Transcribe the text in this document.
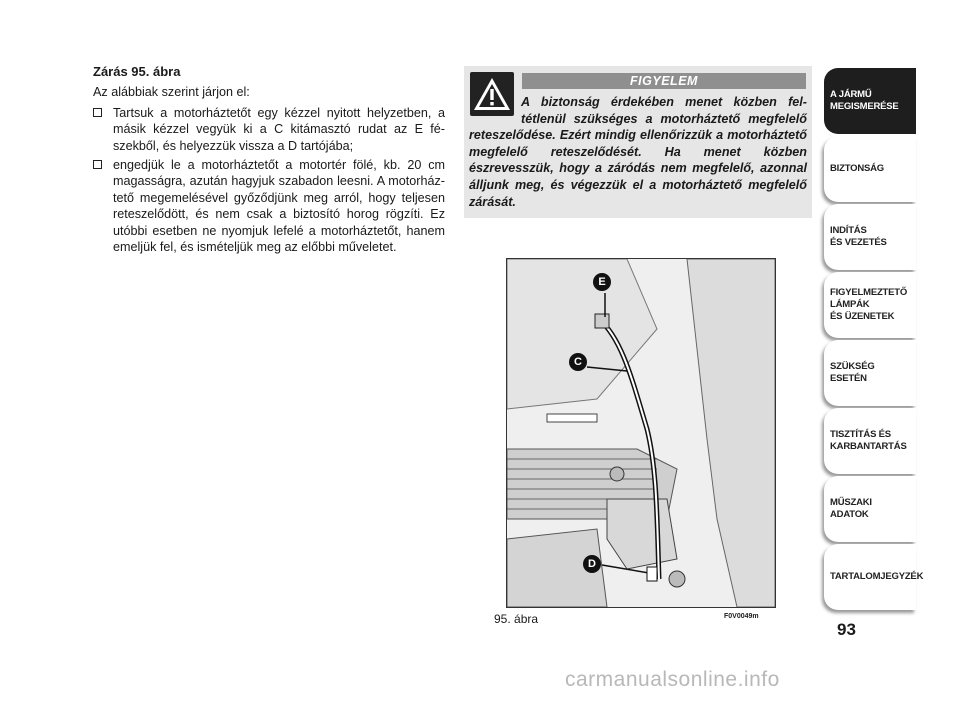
Zárás 95. ábra
Az alábbiak szerint járjon el:
Tartsuk a motorháztetőt egy kézzel nyitott helyzetben, a másik kézzel vegyük ki a C kitámasztó rudat az E fészekből, és helyezzük vissza a D tartójába;
engedjük le a motorháztetőt a motortér fölé, kb. 20 cm magasságra, azután hagyjuk szabadon leesni. A motorháztető megemelésével győződjünk meg arról, hogy teljesen reteszelődött, és nem csak a biztosító horog rögzíti. Ez utóbbi esetben ne nyomjuk lefelé a motorháztetőt, hanem emeljük fel, és ismételjük meg az előbbi műveletet.
FIGYELEM
A biztonság érdekében menet közben feltétlenül szükséges a motorháztető megfelelő reteszelődése. Ezért mindig ellenőrizzük a motorháztető megfelelő reteszelődését. Ha menet közben észrevesszük, hogy a záródás nem megfelelő, azonnal álljunk meg, és végezzük el a motorháztető megfelelő zárását.
E
C
D
95. ábra	F0V0049m
93
A JÁRMŰ
MEGISMERÉSE
BIZTONSÁG
INDÍTÁS
ÉS VEZETÉS
FIGYELMEZTETŐ
LÁMPÁK
ÉS ÜZENETEK
SZÜKSÉG
ESETÉN
TISZTÍTÁS ÉS
KARBANTARTÁS
MŰSZAKI
ADATOK
TARTALOMJEGYZÉK
carmanualsonline.info
